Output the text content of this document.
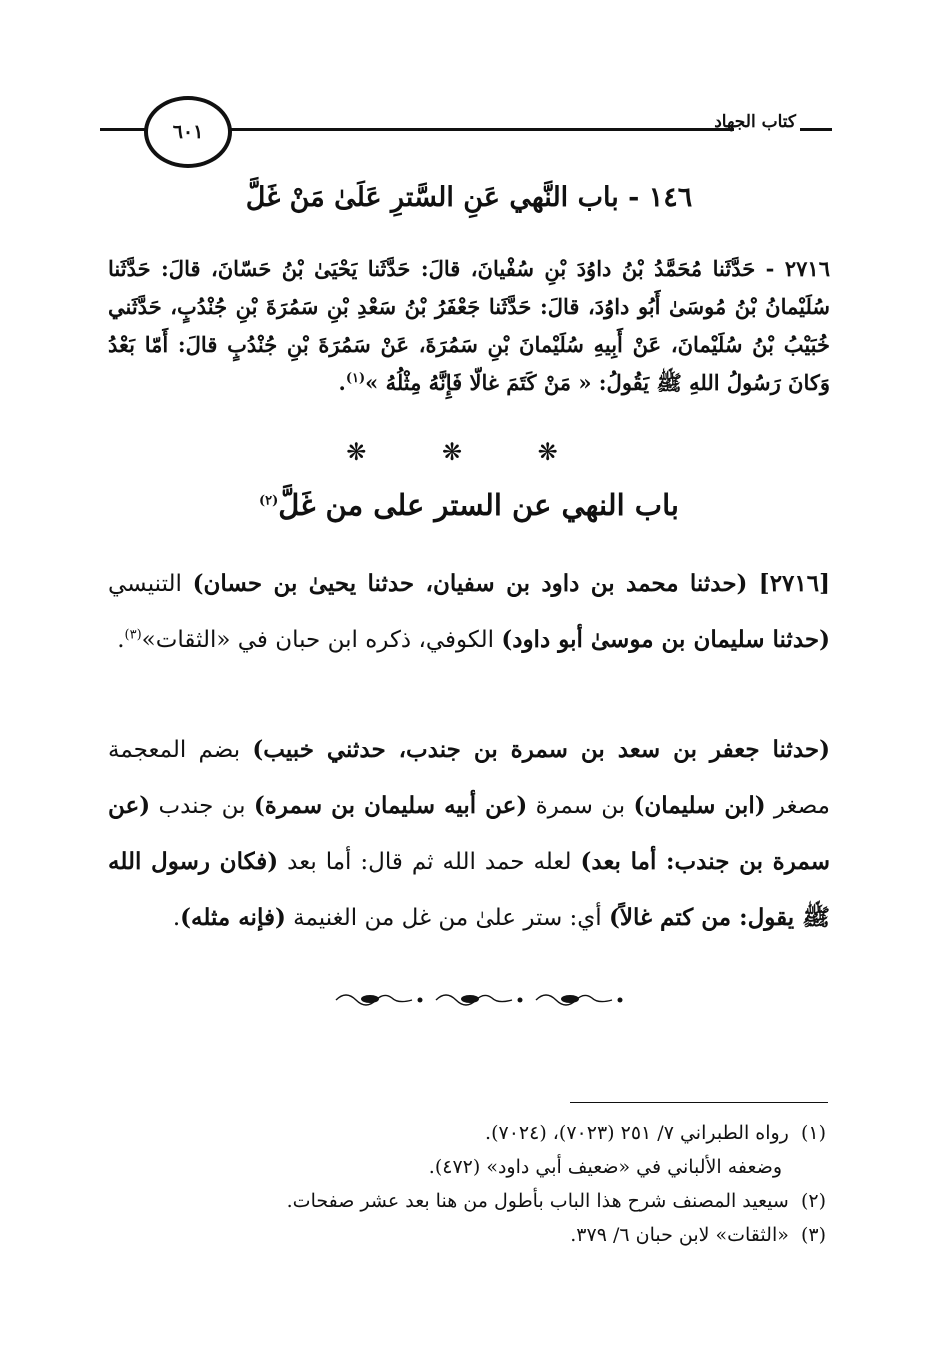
كتاب الجهاد
٦٠١
١٤٦ - باب النَّهي عَنِ السَّترِ عَلَىٰ مَنْ غَلَّ
٢٧١٦ - حَدَّثَنا مُحَمَّدُ بْنُ داوُدَ بْنِ سُفْيانَ، قالَ: حَدَّثَنا يَحْيَىٰ بْنُ حَسّانَ، قالَ: حَدَّثَنا سُلَيْمانُ بْنُ مُوسَىٰ أَبُو داوُدَ، قالَ: حَدَّثَنا جَعْفَرُ بْنُ سَعْدِ بْنِ سَمُرَةَ بْنِ جُنْدُبٍ، حَدَّثَني خُبَيْبُ بْنُ سُلَيْمانَ، عَنْ أَبِيهِ سُلَيْمانَ بْنِ سَمُرَةَ، عَنْ سَمُرَةَ بْنِ جُنْدُبٍ قالَ: أَمّا بَعْدُ وَكانَ رَسُولُ اللهِ ﷺ يَقُولُ: « مَنْ كَتَمَ غالّا فَإِنَّهُ مِثْلُهُ »$^{(١)}$.
❋ ❋ ❋
باب النهي عن الستر على من غَلَّ$^{(٢)}$
[٢٧١٦] (حدثنا محمد بن داود بن سفيان، حدثنا يحيىٰ بن حسان) التنيسي (حدثنا سليمان بن موسىٰ أبو داود) الكوفي، ذكره ابن حبان في «الثقات»$^{(٣)}$.
(حدثنا جعفر بن سعد بن سمرة بن جندب، حدثني خبيب) بضم المعجمة مصغر (ابن سليمان) بن سمرة (عن أبيه سليمان بن سمرة) بن جندب (عن سمرة بن جندب: أما بعد) لعله حمد الله ثم قال: أما بعد (فكان رسول الله ﷺ يقول: من كتم غالاً) أي: ستر علىٰ من غل من الغنيمة (فإنه مثله).
(١)  رواه الطبراني ٧/ ٢٥١ (٧٠٢٣)، (٧٠٢٤).
وضعفه الألباني في «ضعيف أبي داود» (٤٧٢).
(٢)  سيعيد المصنف شرح هذا الباب بأطول من هنا بعد عشر صفحات.
(٣)  «الثقات» لابن حبان ٦/ ٣٧٩.
